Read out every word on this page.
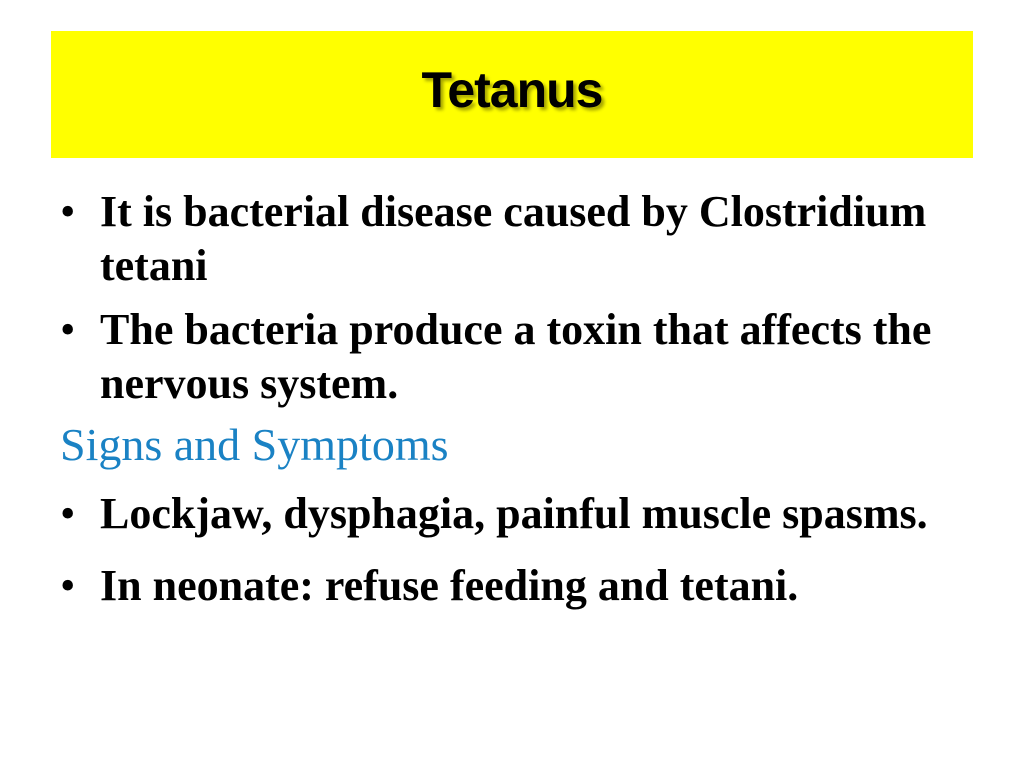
Tetanus
• It is bacterial disease caused by Clostridium tetani
• The bacteria produce a toxin that affects the nervous system.
Signs and Symptoms
• Lockjaw, dysphagia, painful muscle spasms.
• In neonate: refuse feeding and tetani.
